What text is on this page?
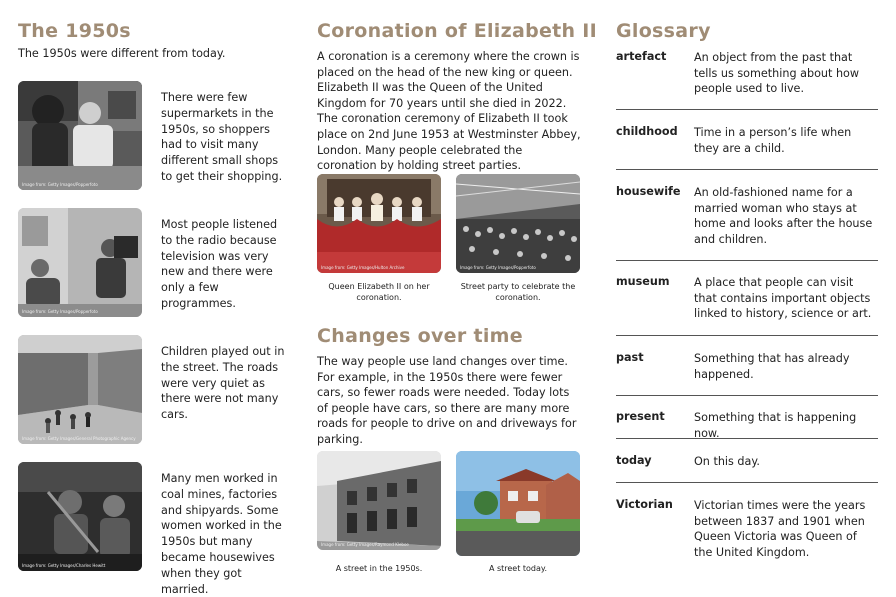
The 1950s
The 1950s were different from today.
Image from: Getty Images/Popperfoto
There were few supermarkets in the 1950s, so shoppers had to visit many different small shops to get their shopping.
Image from: Getty Images/Popperfoto
Most people listened to the radio because television was very new and there were only a few programmes.
Image from: Getty Images/General Photographic Agency
Children played out in the street. The roads were very quiet as there were not many cars.
Image from: Getty Images/Charles Hewitt
Many men worked in coal mines, factories and shipyards. Some women worked in the 1950s but many became housewives when they got married.
Coronation of Elizabeth II
A coronation is a ceremony where the crown is placed on the head of the new king or queen. Elizabeth II was the Queen of the United Kingdom for 70 years until she died in 2022. The coronation ceremony of Elizabeth II took place on 2nd June 1953 at Westminster Abbey, London. Many people celebrated the coronation by holding street parties.
Image from: Getty Images/Hulton Archive
Queen Elizabeth II on her coronation.
Image from: Getty Images/Popperfoto
Street party to celebrate the coronation.
Changes over time
The way people use land changes over time. For example, in the 1950s there were fewer cars, so fewer roads were needed. Today lots of people have cars, so there are many more roads for people to drive on and driveways for parking.
Image from: Getty Images/Raymond Kleboe
A street in the 1950s.	A street today.
Glossary
artefact An object from the past that tells us something about how people used to live.
childhood Time in a person’s life when they are a child.
housewife An old-fashioned name for a married woman who stays at home and looks after the house and children.
museum A place that people can visit that contains important objects linked to history, science or art.
past	Something that has already happened.
present	Something that is happening now.
today	On this day.
Victorian Victorian times were the years between 1837 and 1901 when Queen Victoria was Queen of the United Kingdom.
